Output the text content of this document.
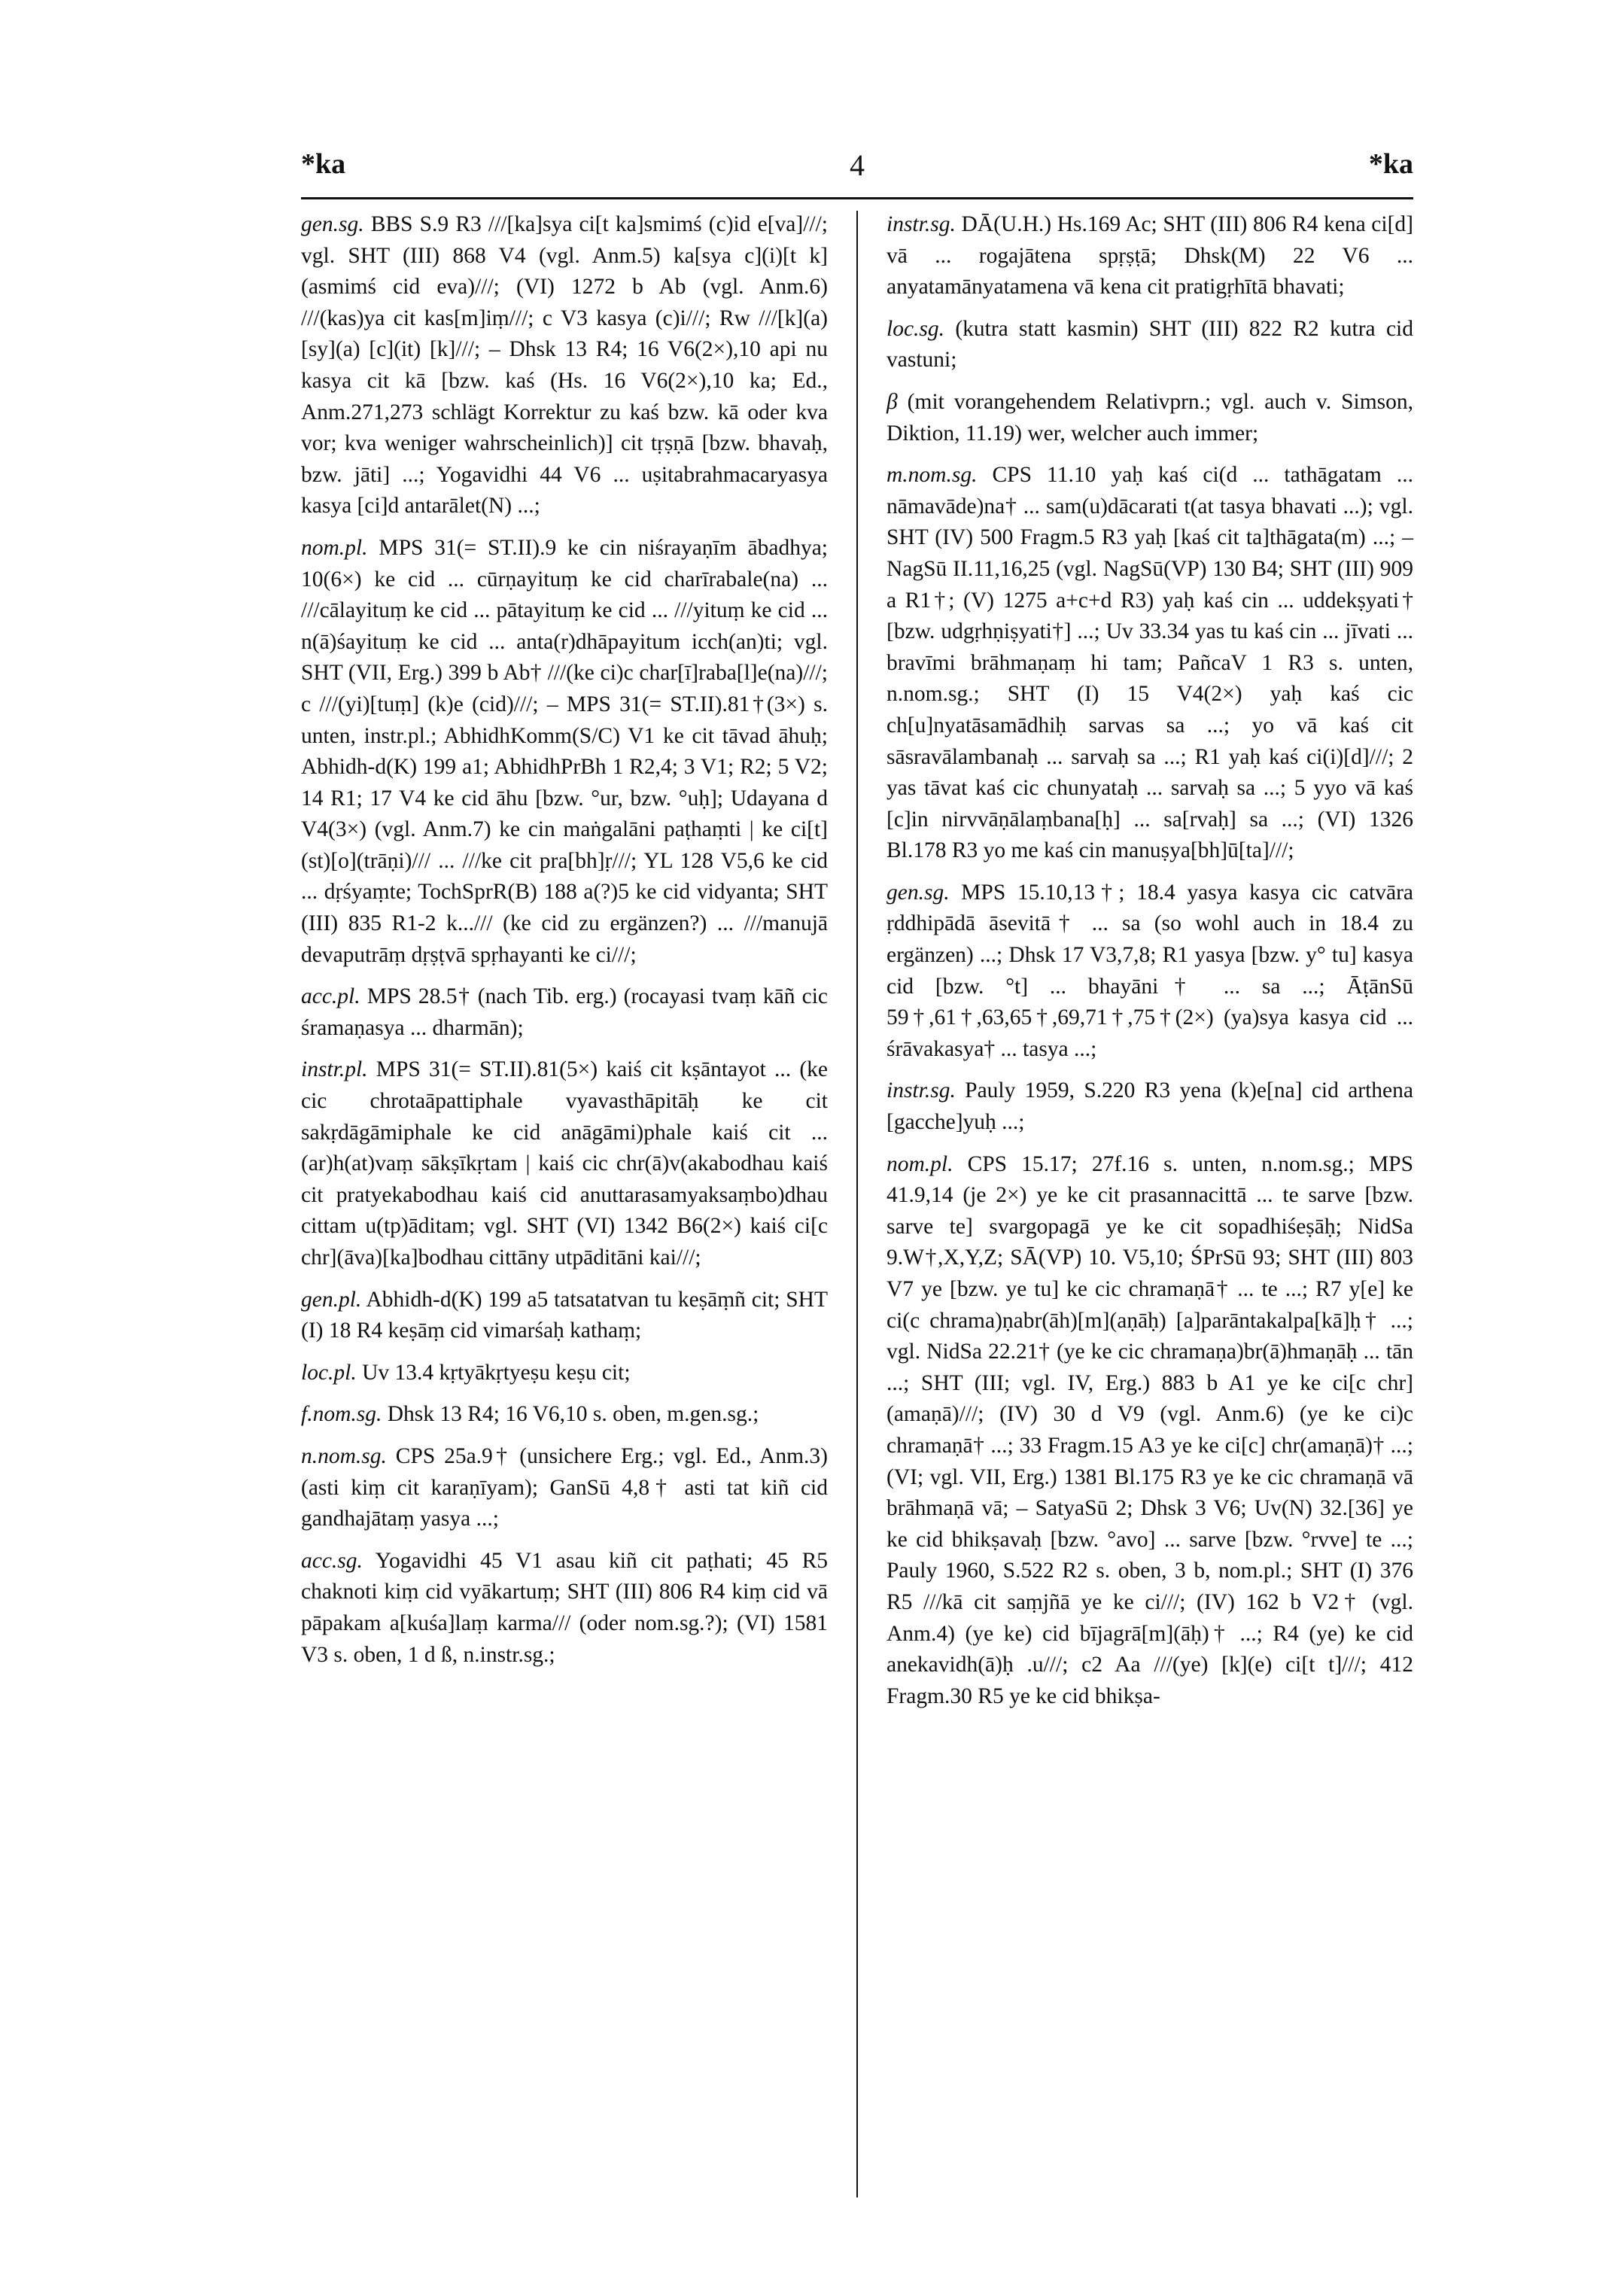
*ka	4	*ka

gen.sg. BBS S.9 R3 ///[ka]sya ci[t ka]smimś (c)id e[va]///; vgl. SHT (III) 868 V4 (vgl. Anm.5) ka[sya c](i)[t k](asmimś cid eva)///; (VI) 1272 b Ab (vgl. Anm.6) ///(kas)ya cit kas[m]iṃ///; c V3 kasya (c)i///; Rw ///[k](a)[sy](a) [c](it) [k]///; – Dhsk 13 R4; 16 V6(2×),10 api nu kasya cit kā [bzw. kaś (Hs. 16 V6(2×),10 ka; Ed., Anm.271,273 schlägt Korrektur zu kaś bzw. kā oder kva vor; kva weniger wahrscheinlich)] cit tṛṣṇā [bzw. bhavaḥ, bzw. jāti] ...; Yogavidhi 44 V6 ... uṣitabrahmacaryasya kasya [ci]d antarālet(N) ...;

nom.pl. MPS 31(= ST.II).9 ke cin niśrayaṇīm ābadhya; 10(6×) ke cid ... cūrṇayituṃ ke cid charīrabale(na) ... ///cālayituṃ ke cid ... pātayituṃ ke cid ... ///yituṃ ke cid ... n(ā)śayituṃ ke cid ... anta(r)dhāpayitum icch(an)ti; vgl. SHT (VII, Erg.) 399 b Ab† ///(ke ci)c char[ī]raba[l]e(na)///; c ///(yi)[tuṃ] (k)e (cid)///; – MPS 31(= ST.II).81†(3×) s. unten, instr.pl.; AbhidhKomm(S/C) V1 ke cit tāvad āhuḥ; Abhidh-d(K) 199 a1; AbhidhPrBh 1 R2,4; 3 V1; R2; 5 V2; 14 R1; 17 V4 ke cid āhu [bzw. °ur, bzw. °uḥ]; Udayana d V4(3×) (vgl. Anm.7) ke cin maṅgalāni paṭhaṃti | ke ci[t] (st)[o](trāṇi)/// ... ///ke cit pra[bh]ṛ///; YL 128 V5,6 ke cid ... dṛśyaṃte; TochSprR(B) 188 a(?)5 ke cid vidyanta; SHT (III) 835 R1-2 k.../// (ke cid zu ergänzen?) ... ///manujā devaputrāṃ dṛṣṭvā spṛhayanti ke ci///;

acc.pl. MPS 28.5† (nach Tib. erg.) (rocayasi tvaṃ kāñ cic śramaṇasya ... dharmān);

instr.pl. MPS 31(= ST.II).81(5×) kaiś cit kṣāntayot ... (ke cic chrotaāpattiphale vyavasthāpitāḥ ke cit sakṛdāgāmiphale ke cid anāgāmi)phale kaiś cit ... (ar)h(at)vaṃ sākṣīkṛtam | kaiś cic chr(ā)v(akabodhau kaiś cit pratyekabodhau kaiś cid anuttarasamyaksaṃbo)dhau cittam u(tp)āditam; vgl. SHT (VI) 1342 B6(2×) kaiś ci[c chr](āva)[ka]bodhau cittāny utpāditāni kai///;

gen.pl. Abhidh-d(K) 199 a5 tatsatatvan tu keṣāṃñ cit; SHT (I) 18 R4 keṣāṃ cid vimarśaḥ kathaṃ;

loc.pl. Uv 13.4 kṛtyākṛtyeṣu keṣu cit;

f.nom.sg. Dhsk 13 R4; 16 V6,10 s. oben, m.gen.sg.;

n.nom.sg. CPS 25a.9† (unsichere Erg.; vgl. Ed., Anm.3) (asti kiṃ cit karaṇīyam); GanSū 4,8† asti tat kiñ cid gandhajātaṃ yasya ...;

acc.sg. Yogavidhi 45 V1 asau kiñ cit paṭhati; 45 R5 chaknoti kiṃ cid vyākartuṃ; SHT (III) 806 R4 kiṃ cid vā pāpakam a[kuśa]laṃ karma/// (oder nom.sg.?); (VI) 1581 V3 s. oben, 1 d ß, n.instr.sg.;

instr.sg. DĀ(U.H.) Hs.169 Ac; SHT (III) 806 R4 kena ci[d] vā ... rogajātena spṛṣṭā; Dhsk(M) 22 V6 ... anyatamānyatamena vā kena cit pratigṛhītā bhavati;

loc.sg. (kutra statt kasmin) SHT (III) 822 R2 kutra cid vastuni;

β (mit vorangehendem Relativprn.; vgl. auch v. Simson, Diktion, 11.19) wer, welcher auch immer;

m.nom.sg. CPS 11.10 yaḥ kaś ci(d ... tathāgatam ... nāmavāde)na† ... sam(u)dācarati t(at tasya bhavati ...); vgl. SHT (IV) 500 Fragm.5 R3 yaḥ [kaś cit ta]thāgata(m) ...; – NagSū II.11,16,25 (vgl. NagSū(VP) 130 B4; SHT (III) 909 a R1†; (V) 1275 a+c+d R3) yaḥ kaś cin ... uddekṣyati† [bzw. udgṛhṇiṣyati†] ...; Uv 33.34 yas tu kaś cin ... jīvati ... bravīmi brāhmaṇaṃ hi tam; PañcaV 1 R3 s. unten, n.nom.sg.; SHT (I) 15 V4(2×) yaḥ kaś cic ch[u]nyatāsamādhiḥ sarvas sa ...; yo vā kaś cit sāsravālambanaḥ ... sarvaḥ sa ...; R1 yaḥ kaś ci(i)[d]///; 2 yas tāvat kaś cic chunyataḥ ... sarvaḥ sa ...; 5 yyo vā kaś [c]in nirvvāṇālaṃbana[ḥ] ... sa[rvaḥ] sa ...; (VI) 1326 Bl.178 R3 yo me kaś cin manuṣya[bh]ū[ta]///;

gen.sg. MPS 15.10,13†; 18.4 yasya kasya cic catvāra ṛddhipādā āsevitā† ... sa (so wohl auch in 18.4 zu ergänzen) ...; Dhsk 17 V3,7,8; R1 yasya [bzw. y° tu] kasya cid [bzw. °t] ... bhayāni† ... sa ...; ĀṭānSū 59†,61†,63,65†,69,71†,75†(2×) (ya)sya kasya cid ... śrāvakasya† ... tasya ...;

instr.sg. Pauly 1959, S.220 R3 yena (k)e[na] cid arthena [gacche]yuḥ ...;

nom.pl. CPS 15.17; 27f.16 s. unten, n.nom.sg.; MPS 41.9,14 (je 2×) ye ke cit prasannacittā ... te sarve [bzw. sarve te] svargopagā ye ke cit sopadhiśeṣāḥ; NidSa 9.W†,X,Y,Z; SĀ(VP) 10. V5,10; ŚPrSū 93; SHT (III) 803 V7 ye [bzw. ye tu] ke cic chramaṇā† ... te ...; R7 y[e] ke ci(c chrama)ṇabr(āh)[m](aṇāḥ) [a]parāntakalpa[kā]ḥ† ...; vgl. NidSa 22.21† (ye ke cic chramaṇa)br(ā)hmaṇāḥ ... tān ...; SHT (III; vgl. IV, Erg.) 883 b A1 ye ke ci[c chr](amaṇā)///; (IV) 30 d V9 (vgl. Anm.6) (ye ke ci)c chramaṇā† ...; 33 Fragm.15 A3 ye ke ci[c] chr(amaṇā)† ...; (VI; vgl. VII, Erg.) 1381 Bl.175 R3 ye ke cic chramaṇā vā brāhmaṇā vā; – SatyaSū 2; Dhsk 3 V6; Uv(N) 32.[36] ye ke cid bhikṣavaḥ [bzw. °avo] ... sarve [bzw. °rvve] te ...; Pauly 1960, S.522 R2 s. oben, 3 b, nom.pl.; SHT (I) 376 R5 ///kā cit saṃjñā ye ke ci///; (IV) 162 b V2† (vgl. Anm.4) (ye ke) cid bījagrā[m](āḥ)† ...; R4 (ye) ke cid anekavidh(ā)ḥ .u///; c2 Aa ///(ye) [k](e) ci[t t]///; 412 Fragm.30 R5 ye ke cid bhikṣa-
